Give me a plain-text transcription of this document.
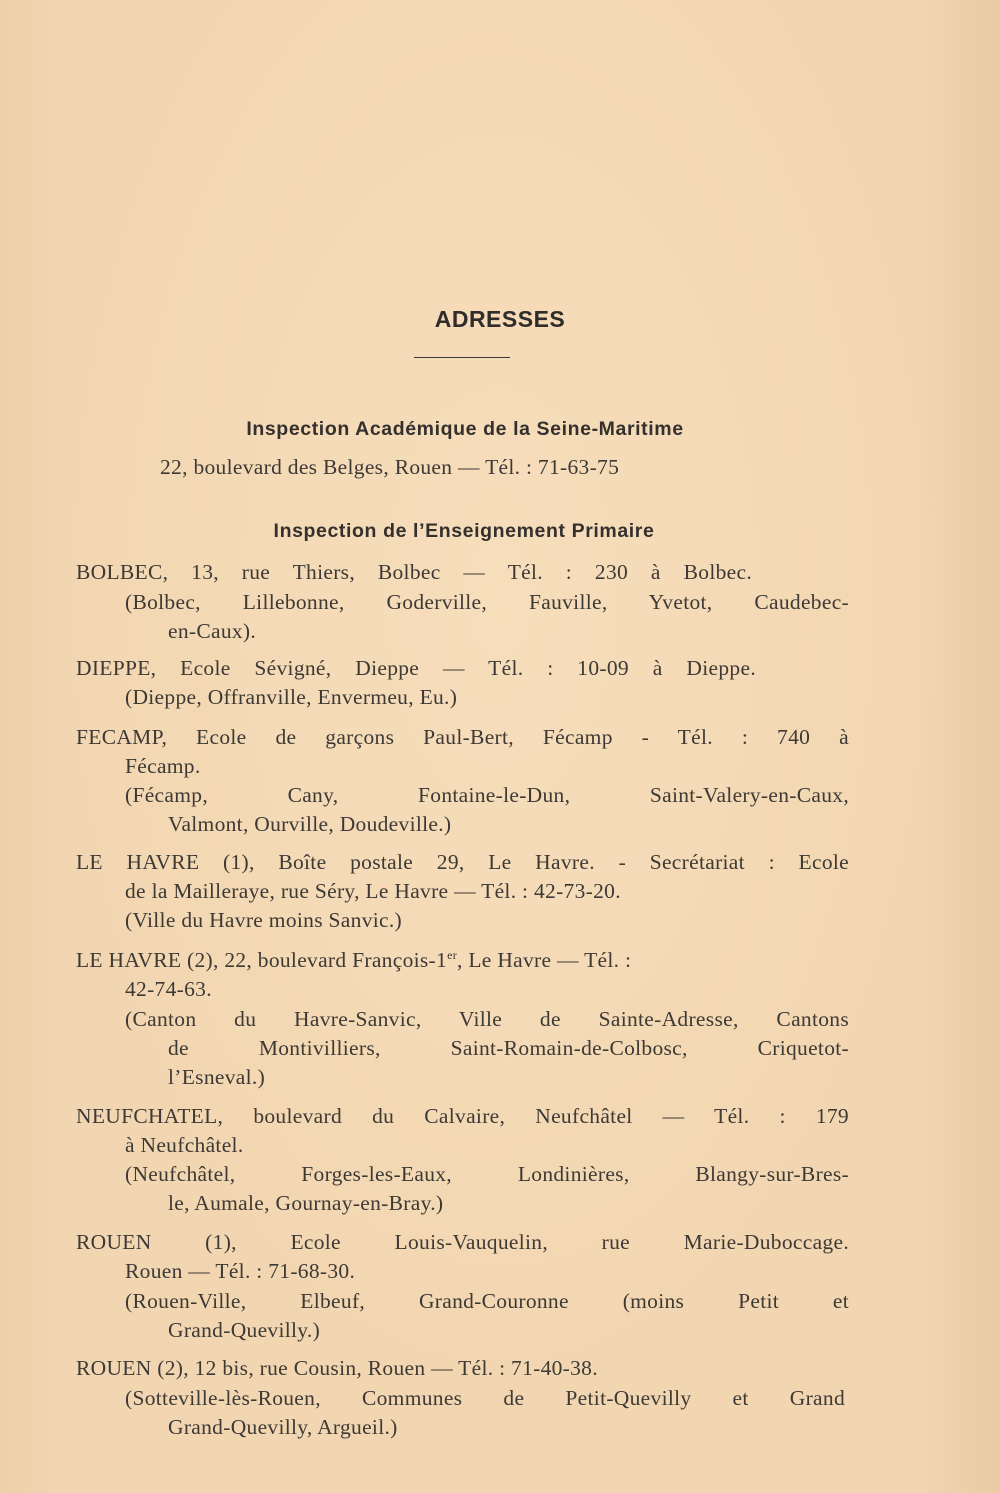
ADRESSES
Inspection Académique de la Seine-Maritime
22, boulevard des Belges, Rouen — Tél. : 71-63-75
Inspection de l’Enseignement Primaire
BOLBEC, 13, rue Thiers, Bolbec — Tél. : 230 à Bolbec.
(Bolbec, Lillebonne, Goderville, Fauville, Yvetot, Caudebec-
en-Caux).
DIEPPE, Ecole Sévigné, Dieppe — Tél. : 10-09 à Dieppe.
(Dieppe, Offranville, Envermeu, Eu.)
FECAMP, Ecole de garçons Paul-Bert, Fécamp - Tél. : 740 à
Fécamp.
(Fécamp, Cany, Fontaine-le-Dun, Saint-Valery-en-Caux,
Valmont, Ourville, Doudeville.)
LE HAVRE (1), Boîte postale 29, Le Havre. - Secrétariat : Ecole
de la Mailleraye, rue Séry, Le Havre — Tél. : 42-73-20.
(Ville du Havre moins Sanvic.)
LE HAVRE (2), 22, boulevard François-1er, Le Havre — Tél. :
42-74-63.
(Canton du Havre-Sanvic, Ville de Sainte-Adresse, Cantons
de Montivilliers, Saint-Romain-de-Colbosc, Criquetot-
l’Esneval.)
NEUFCHATEL, boulevard du Calvaire, Neufchâtel — Tél. : 179
à Neufchâtel.
(Neufchâtel, Forges-les-Eaux, Londinières, Blangy-sur-Bres-
le, Aumale, Gournay-en-Bray.)
ROUEN (1), Ecole Louis-Vauquelin, rue Marie-Duboccage.
Rouen — Tél. : 71-68-30.
(Rouen-Ville, Elbeuf, Grand-Couronne (moins Petit et
Grand-Quevilly.)
ROUEN (2), 12 bis, rue Cousin, Rouen — Tél. : 71-40-38.
(Sotteville-lès-Rouen, Communes de Petit-Quevilly et Grand
Grand-Quevilly, Argueil.)
